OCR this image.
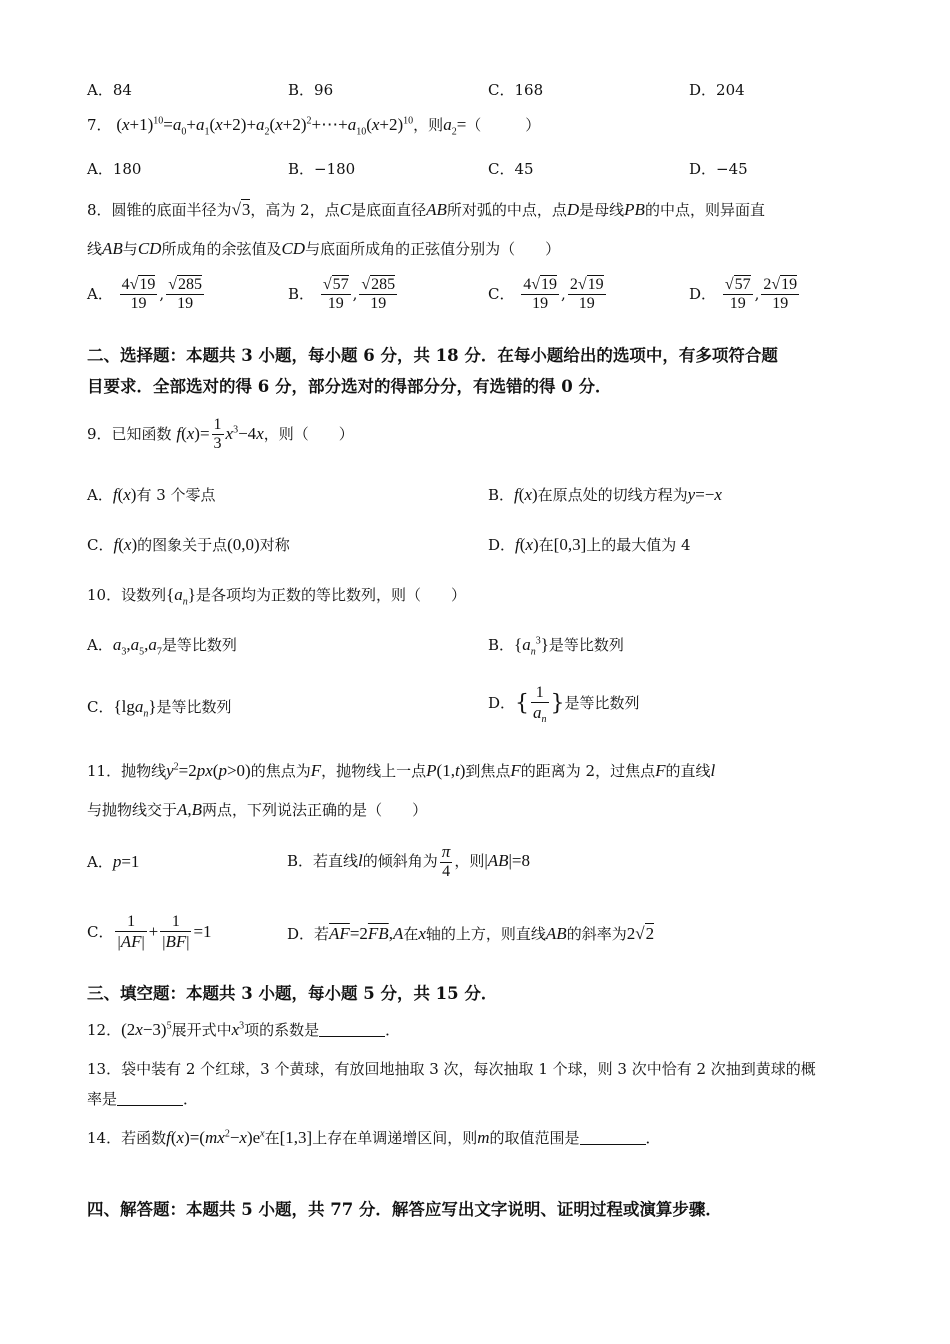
A．84	B．96	C．168	D．204
7． $(x+1)^{10}=a_0+a_1(x+2)+a_2(x+2)^2+\cdots+a_{10}(x+2)^{10}$，则$a_2=$（	）
A．180	B．−180	C．45	D．−45
8．圆锥的底面半径为√3，高为 2，点C是底面直径AB所对弧的中点，点D是母线PB的中点，则异面直
线AB与CD所成角的余弦值及CD与底面所成角的正弦值分别为（　　）
A． $\frac{4√19}{19}$ , $\frac{√285}{19}$	B． $\frac{√57}{19}$ , $\frac{√285}{19}$	C． $\frac{4√19}{19}$ , $\frac{2√19}{19}$	D． $\frac{√57}{19}$ , $\frac{2√19}{19}$
二、选择题：本题共 3 小题，每小题 6 分，共 18 分．在每小题给出的选项中，有多项符合题
目要求．全部选对的得 6 分，部分选对的得部分分，有选错的得 0 分．
9．已知函数 $f(x)= \frac{1}{3} x^3-4x$，则（　　）
A．f(x)有 3 个零点	B．f(x)在原点处的切线方程为y=−x
C．f(x)的图象关于点(0,0)对称	D．f(x)在[0,3]上的最大值为 4
10．设数列$\{a_n\}$是各项均为正数的等比数列，则（　　）
A．$a_3,a_5,a_7$是等比数列	B．$\{a_n^3\}$是等比数列
C．{lga$_n$}是等比数列	D．{ $\frac{1}{a_n}$ }是等比数列
11．抛物线$y^2=2px(p>0)$的焦点为F，抛物线上一点P(1,t)到焦点F的距离为 2，过焦点F的直线l
与抛物线交于A,B两点，下列说法正确的是（　　）
A．p=1	B．若直线l的倾斜角为 $\frac{\pi}{4}$ ，则|AB|=8
C． $\frac{1}{|AF|} + \frac{1}{|BF|} =1$	D．若$\overline{AF}=2\overline{FB},A$在x轴的上方，则直线AB的斜率为2√2
三、填空题：本题共 3 小题，每小题 5 分，共 15 分．
12．$(2x-3)^5$展开式中$x^3$项的系数是	．
13．袋中装有 2 个红球，3 个黄球，有放回地抽取 3 次，每次抽取 1 个球，则 3 次中恰有 2 次抽到黄球的概
率是	．
14．若函数$f(x)=(mx^2-x)e^x$在[1,3]上存在单调递增区间，则m的取值范围是	．
四、解答题：本题共 5 小题，共 77 分．解答应写出文字说明、证明过程或演算步骤．
